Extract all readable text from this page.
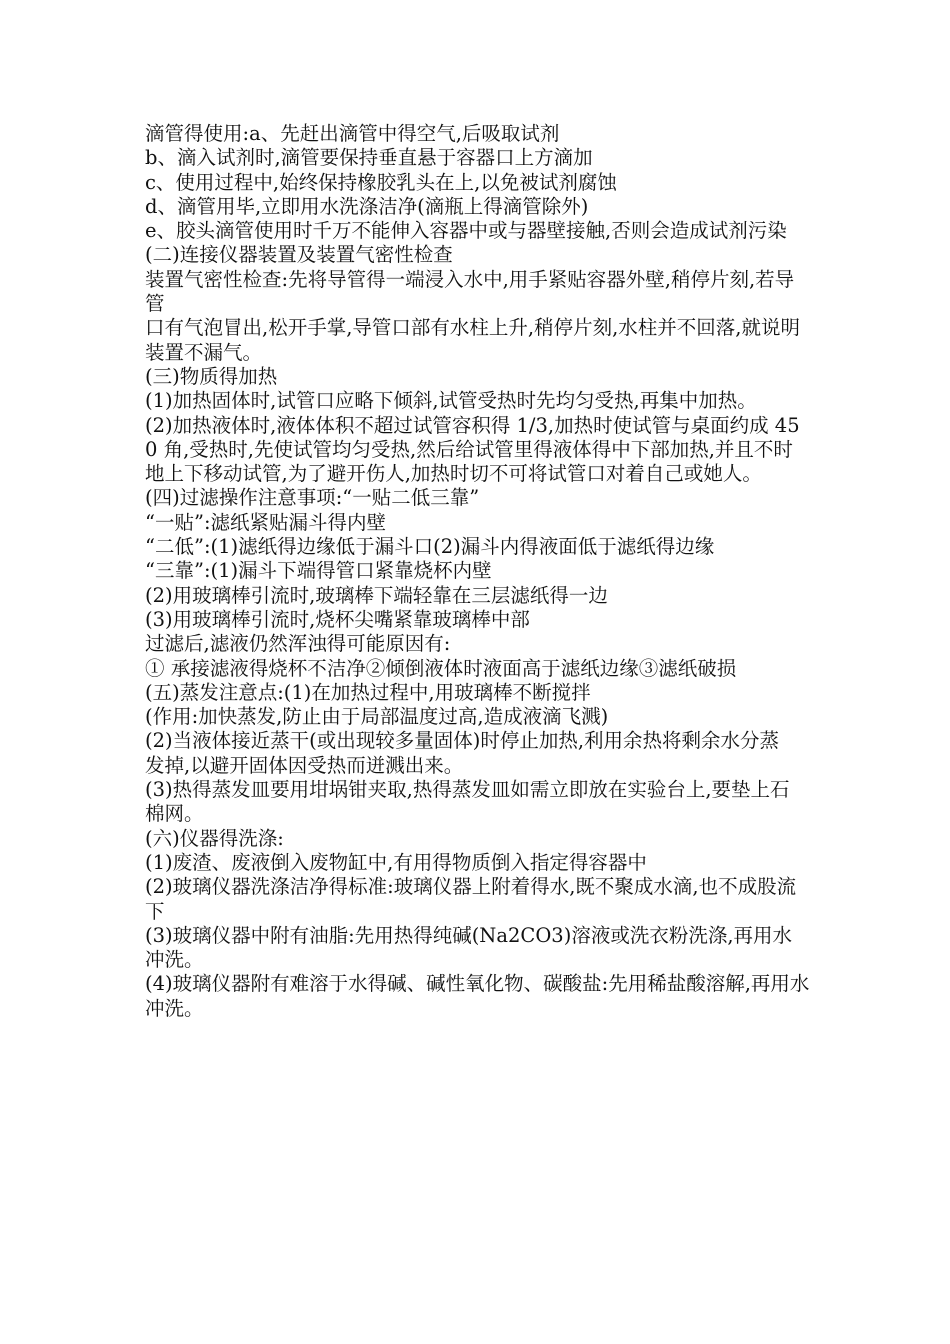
滴管得使用:a、先赶出滴管中得空气,后吸取试剂

b、滴入试剂时,滴管要保持垂直悬于容器口上方滴加

c、使用过程中,始终保持橡胶乳头在上,以免被试剂腐蚀

d、滴管用毕,立即用水洗涤洁净(滴瓶上得滴管除外)

e、胶头滴管使用时千万不能伸入容器中或与器壁接触,否则会造成试剂污染

(二)连接仪器装置及装置气密性检查

装置气密性检查:先将导管得一端浸入水中,用手紧贴容器外壁,稍停片刻,若导管

口有气泡冒出,松开手掌,导管口部有水柱上升,稍停片刻,水柱并不回落,就说明

装置不漏气。

(三)物质得加热

(1)加热固体时,试管口应略下倾斜,试管受热时先均匀受热,再集中加热。

(2)加热液体时,液体体积不超过试管容积得 1/3,加热时使试管与桌面约成 450 角,受热时,先使试管均匀受热,然后给试管里得液体得中下部加热,并且不时地上下移动试管,为了避开伤人,加热时切不可将试管口对着自己或她人。

(四)过滤操作注意事项:“一贴二低三靠”

“一贴”:滤纸紧贴漏斗得内壁

“二低”:(1)滤纸得边缘低于漏斗口(2)漏斗内得液面低于滤纸得边缘

“三靠”:(1)漏斗下端得管口紧靠烧杯内壁

(2)用玻璃棒引流时,玻璃棒下端轻靠在三层滤纸得一边

(3)用玻璃棒引流时,烧杯尖嘴紧靠玻璃棒中部

过滤后,滤液仍然浑浊得可能原因有:

① 承接滤液得烧杯不洁净②倾倒液体时液面高于滤纸边缘③滤纸破损

(五)蒸发注意点:(1)在加热过程中,用玻璃棒不断搅拌

(作用:加快蒸发,防止由于局部温度过高,造成液滴飞溅)

(2)当液体接近蒸干(或出现较多量固体)时停止加热,利用余热将剩余水分蒸

发掉,以避开固体因受热而迸溅出来。

(3)热得蒸发皿要用坩埚钳夹取,热得蒸发皿如需立即放在实验台上,要垫上石

棉网。

(六)仪器得洗涤:

(1)废渣、废液倒入废物缸中,有用得物质倒入指定得容器中

(2)玻璃仪器洗涤洁净得标准:玻璃仪器上附着得水,既不聚成水滴,也不成股流下

(3)玻璃仪器中附有油脂:先用热得纯碱(Na2CO3)溶液或洗衣粉洗涤,再用水冲洗。

(4)玻璃仪器附有难溶于水得碱、碱性氧化物、碳酸盐:先用稀盐酸溶解,再用水冲洗。
